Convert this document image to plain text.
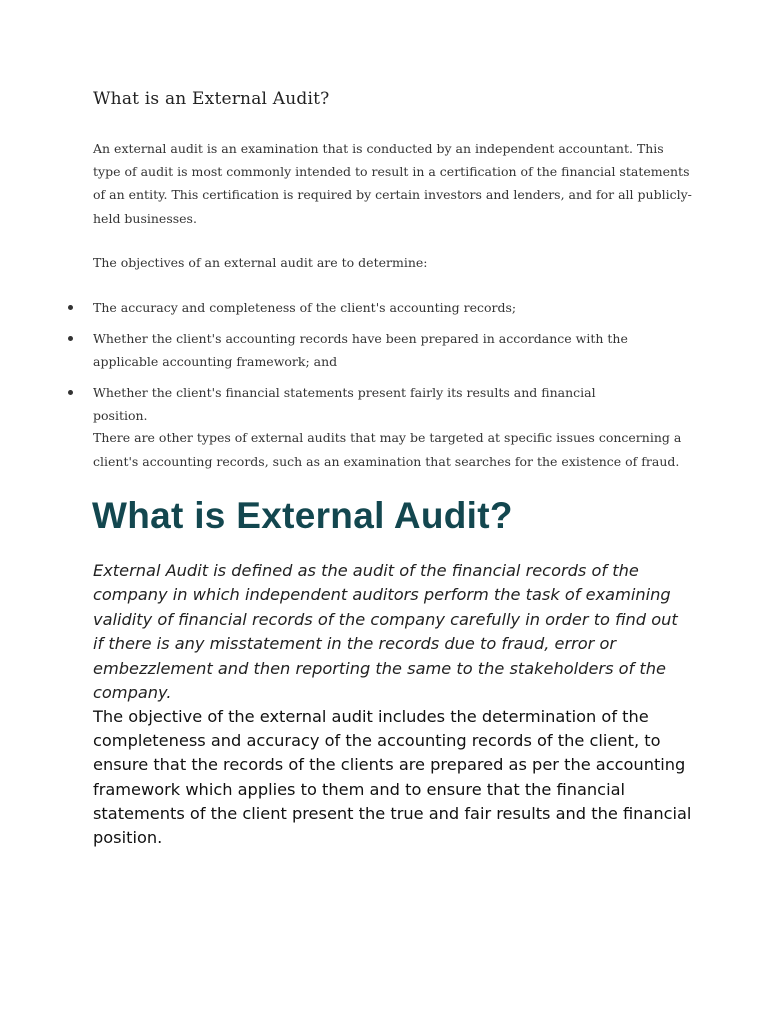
What is an External Audit?

An external audit is an examination that is conducted by an independent accountant. This type of audit is most commonly intended to result in a certification of the financial statements of an entity. This certification is required by certain investors and lenders, and for all publicly-held businesses.

The objectives of an external audit are to determine:

The accuracy and completeness of the client's accounting records;
Whether the client's accounting records have been prepared in accordance with the applicable accounting framework; and
Whether the client's financial statements present fairly its results and financial position.

There are other types of external audits that may be targeted at specific issues concerning a client's accounting records, such as an examination that searches for the existence of fraud.

What is External Audit?

External Audit is defined as the audit of the financial records of the company in which independent auditors perform the task of examining validity of financial records of the company carefully in order to find out if there is any misstatement in the records due to fraud, error or embezzlement and then reporting the same to the stakeholders of the company.

The objective of the external audit includes the determination of the completeness and accuracy of the accounting records of the client, to ensure that the records of the clients are prepared as per the accounting framework which applies to them and to ensure that the financial statements of the client present the true and fair results and the financial position.
